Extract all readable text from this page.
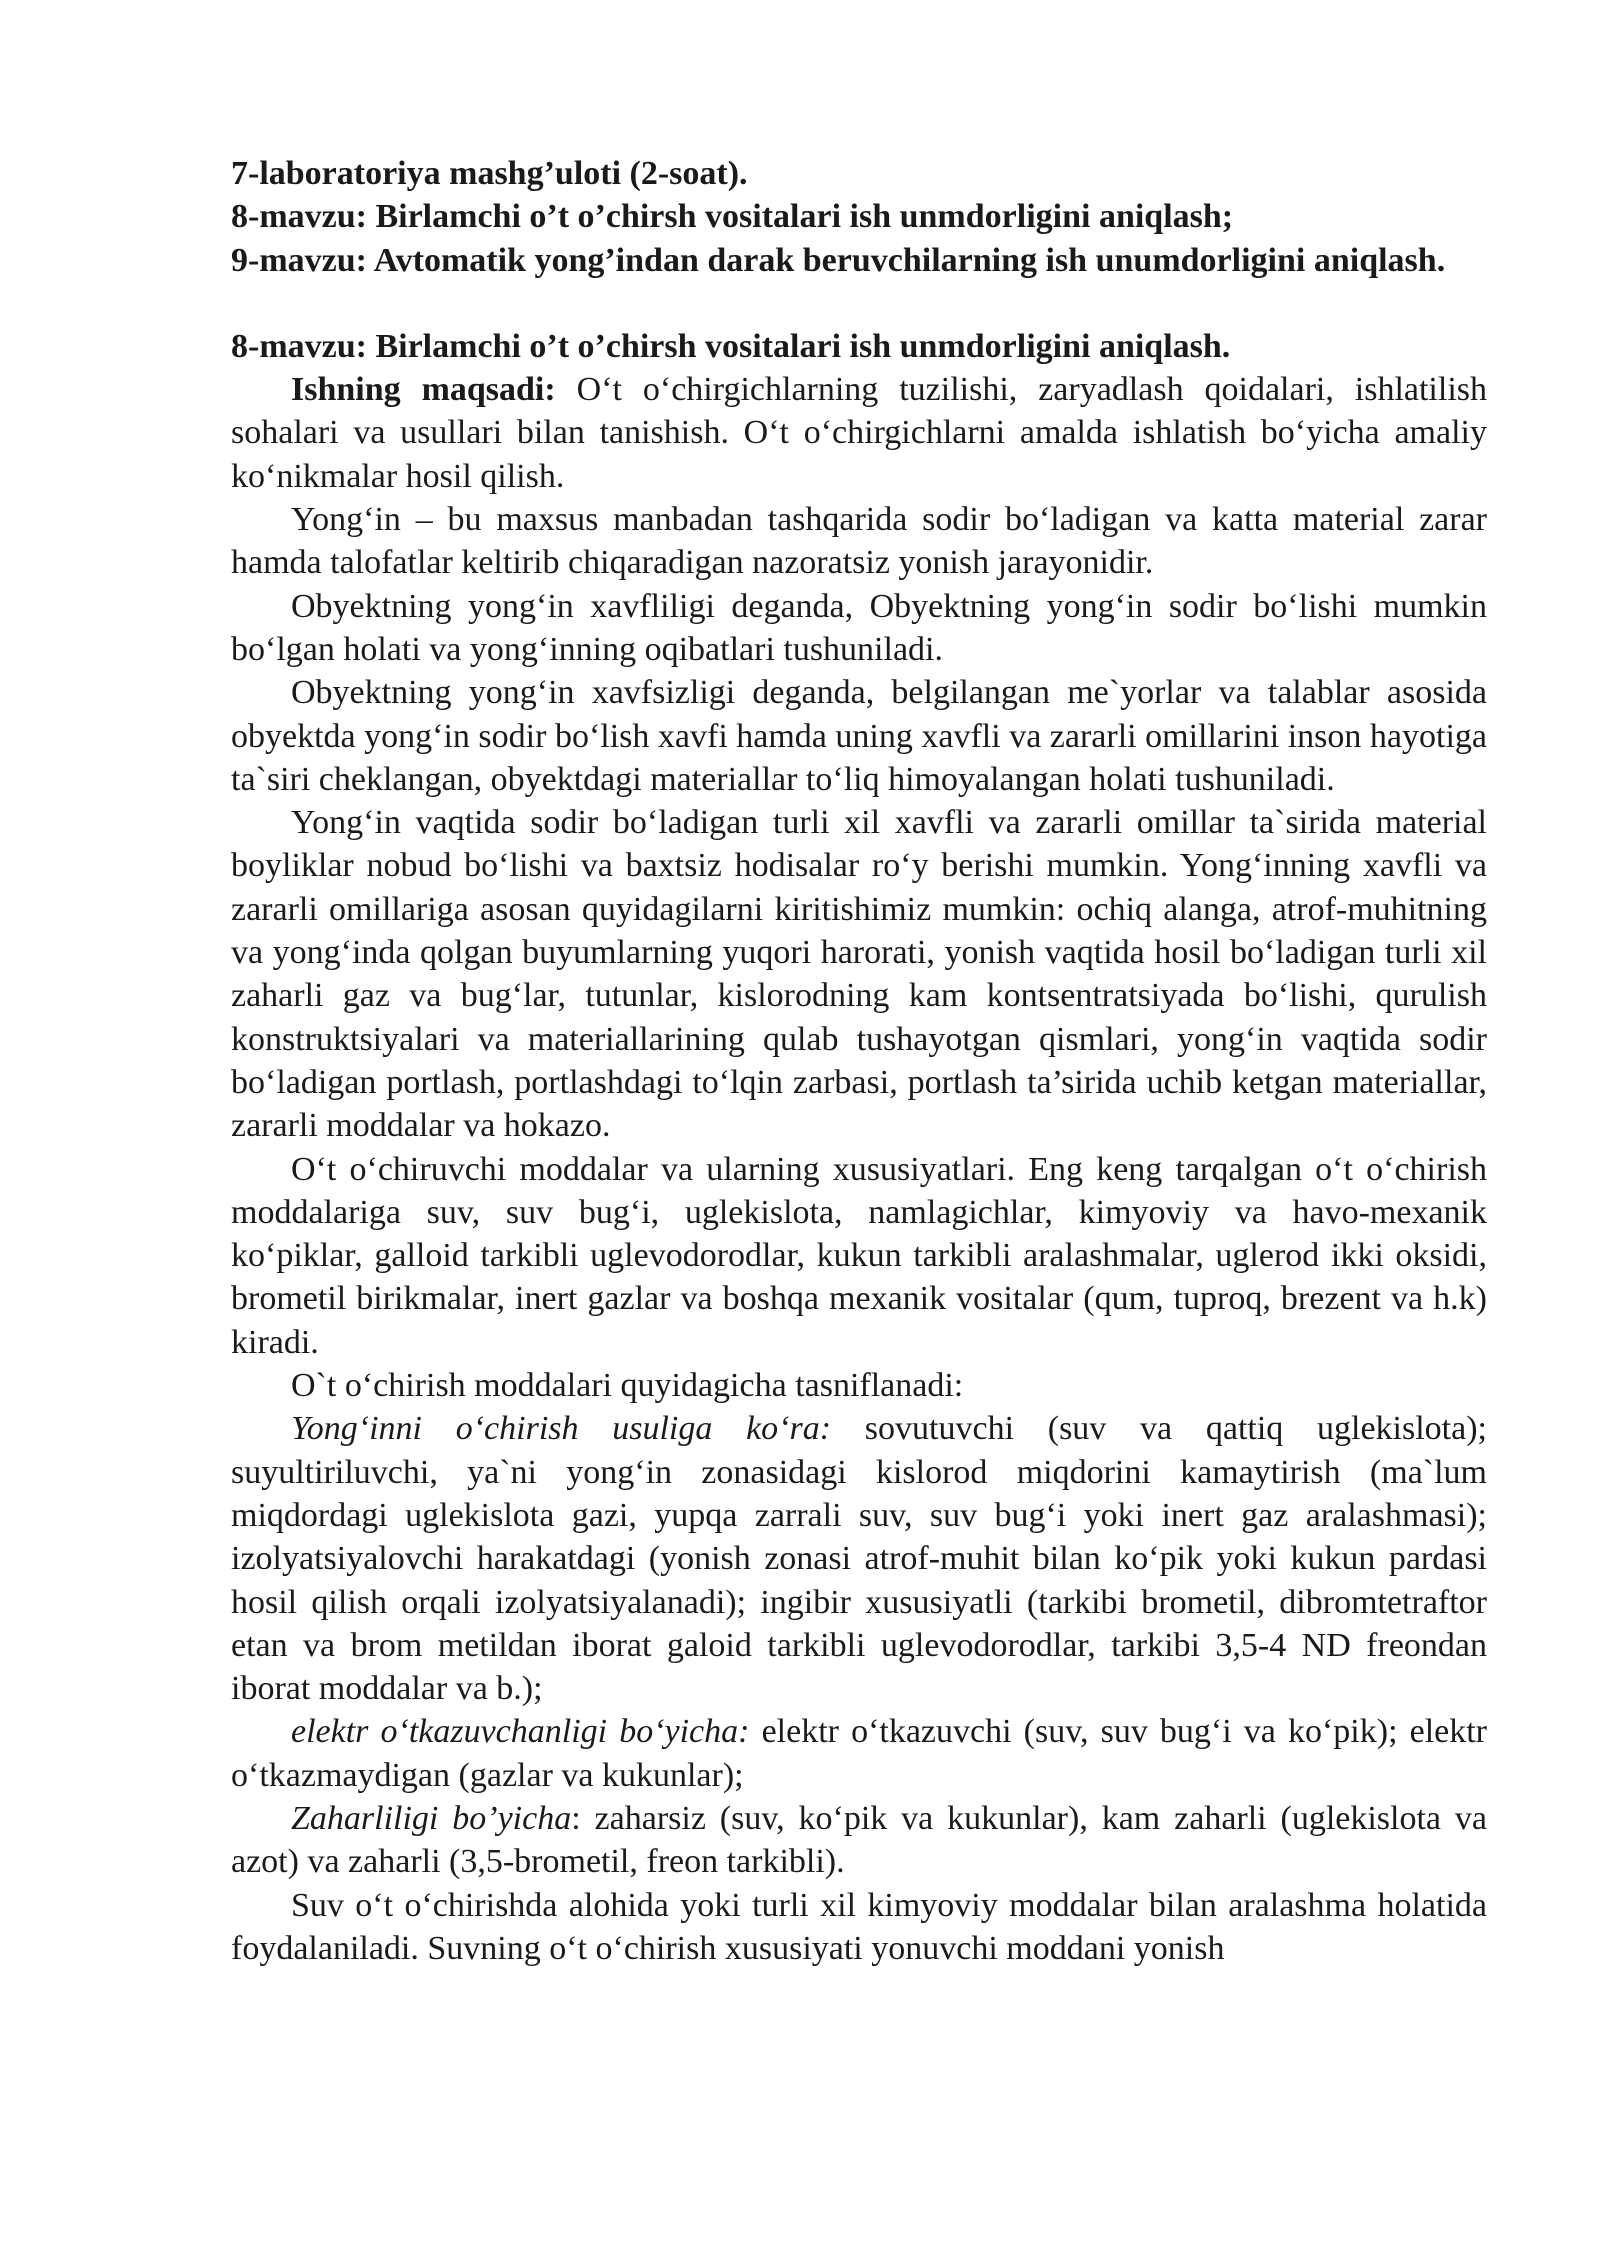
7-laboratoriya mashg’uloti (2-soat).

8-mavzu: Birlamchi o’t o’chirsh vositalari ish unmdorligini aniqlash;

9-mavzu: Avtomatik yong’indan darak beruvchilarning ish unumdorligini aniqlash.

8-mavzu: Birlamchi o’t o’chirsh vositalari ish unmdorligini aniqlash.

Ishning maqsadi: O‘t o‘chirgichlarning tuzilishi, zaryadlash qoidalari, ishlatilish sohalari va usullari bilan tanishish. O‘t o‘chirgichlarni amalda ishlatish bo‘yicha amaliy ko‘nikmalar hosil qilish.

Yong‘in – bu maxsus manbadan tashqarida sodir bo‘ladigan va katta material zarar hamda talofatlar keltirib chiqaradigan nazoratsiz yonish jarayonidir.

Obyektning yong‘in xavfliligi deganda, Obyektning yong‘in sodir bo‘lishi mumkin bo‘lgan holati va yong‘inning oqibatlari tushuniladi.

Obyektning yong‘in xavfsizligi deganda, belgilangan me`yorlar va talablar asosida obyektda yong‘in sodir bo‘lish xavfi hamda uning xavfli va zararli omillarini inson hayotiga ta`siri cheklangan, obyektdagi materiallar to‘liq himoyalangan holati tushuniladi.

Yong‘in vaqtida sodir bo‘ladigan turli xil xavfli va zararli omillar ta`sirida material boyliklar nobud bo‘lishi va baxtsiz hodisalar ro‘y berishi mumkin. Yong‘inning xavfli va zararli omillariga asosan quyidagilarni kiritishimiz mumkin: ochiq alanga, atrof-muhitning va yong‘inda qolgan buyumlarning yuqori harorati, yonish vaqtida hosil bo‘ladigan turli xil zaharli gaz va bug‘lar, tutunlar, kislorodning kam kontsentratsiyada bo‘lishi, qurulish konstruktsiyalari va materiallarining qulab tushayotgan qismlari, yong‘in vaqtida sodir bo‘ladigan portlash, portlashdagi to‘lqin zarbasi, portlash ta’sirida uchib ketgan materiallar, zararli moddalar va hokazo.

O‘t o‘chiruvchi moddalar va ularning xususiyatlari. Eng keng tarqalgan o‘t o‘chirish moddalariga suv, suv bug‘i, uglekislota, namlagichlar, kimyoviy va havo-mexanik ko‘piklar, galloid tarkibli uglevodorodlar, kukun tarkibli aralashmalar, uglerod ikki oksidi, brometil birikmalar, inert gazlar va boshqa mexanik vositalar (qum, tuproq, brezent va h.k) kiradi.

O`t o‘chirish moddalari quyidagicha tasniflanadi:

Yong‘inni o‘chirish usuliga ko‘ra: sovutuvchi (suv va qattiq uglekislota); suyultiriluvchi, ya`ni yong‘in zonasidagi kislorod miqdorini kamaytirish (ma`lum miqdordagi uglekislota gazi, yupqa zarrali suv, suv bug‘i yoki inert gaz aralashmasi); izolyatsiyalovchi harakatdagi (yonish zonasi atrof-muhit bilan ko‘pik yoki kukun pardasi hosil qilish orqali izolyatsiyalanadi); ingibir xususiyatli (tarkibi brometil, dibromtetraftor etan va brom metildan iborat galoid tarkibli uglevodorodlar, tarkibi 3,5-4 ND freondan iborat moddalar va b.);

elektr o‘tkazuvchanligi bo‘yicha: elektr o‘tkazuvchi (suv, suv bug‘i va ko‘pik); elektr o‘tkazmaydigan (gazlar va kukunlar);

Zaharliligi bo’yicha: zaharsiz (suv, ko‘pik va kukunlar), kam zaharli (uglekislota va azot) va zaharli (3,5-brometil, freon tarkibli).

Suv o‘t o‘chirishda alohida yoki turli xil kimyoviy moddalar bilan aralashma holatida foydalaniladi. Suvning o‘t o‘chirish xususiyati yonuvchi moddani yonish
